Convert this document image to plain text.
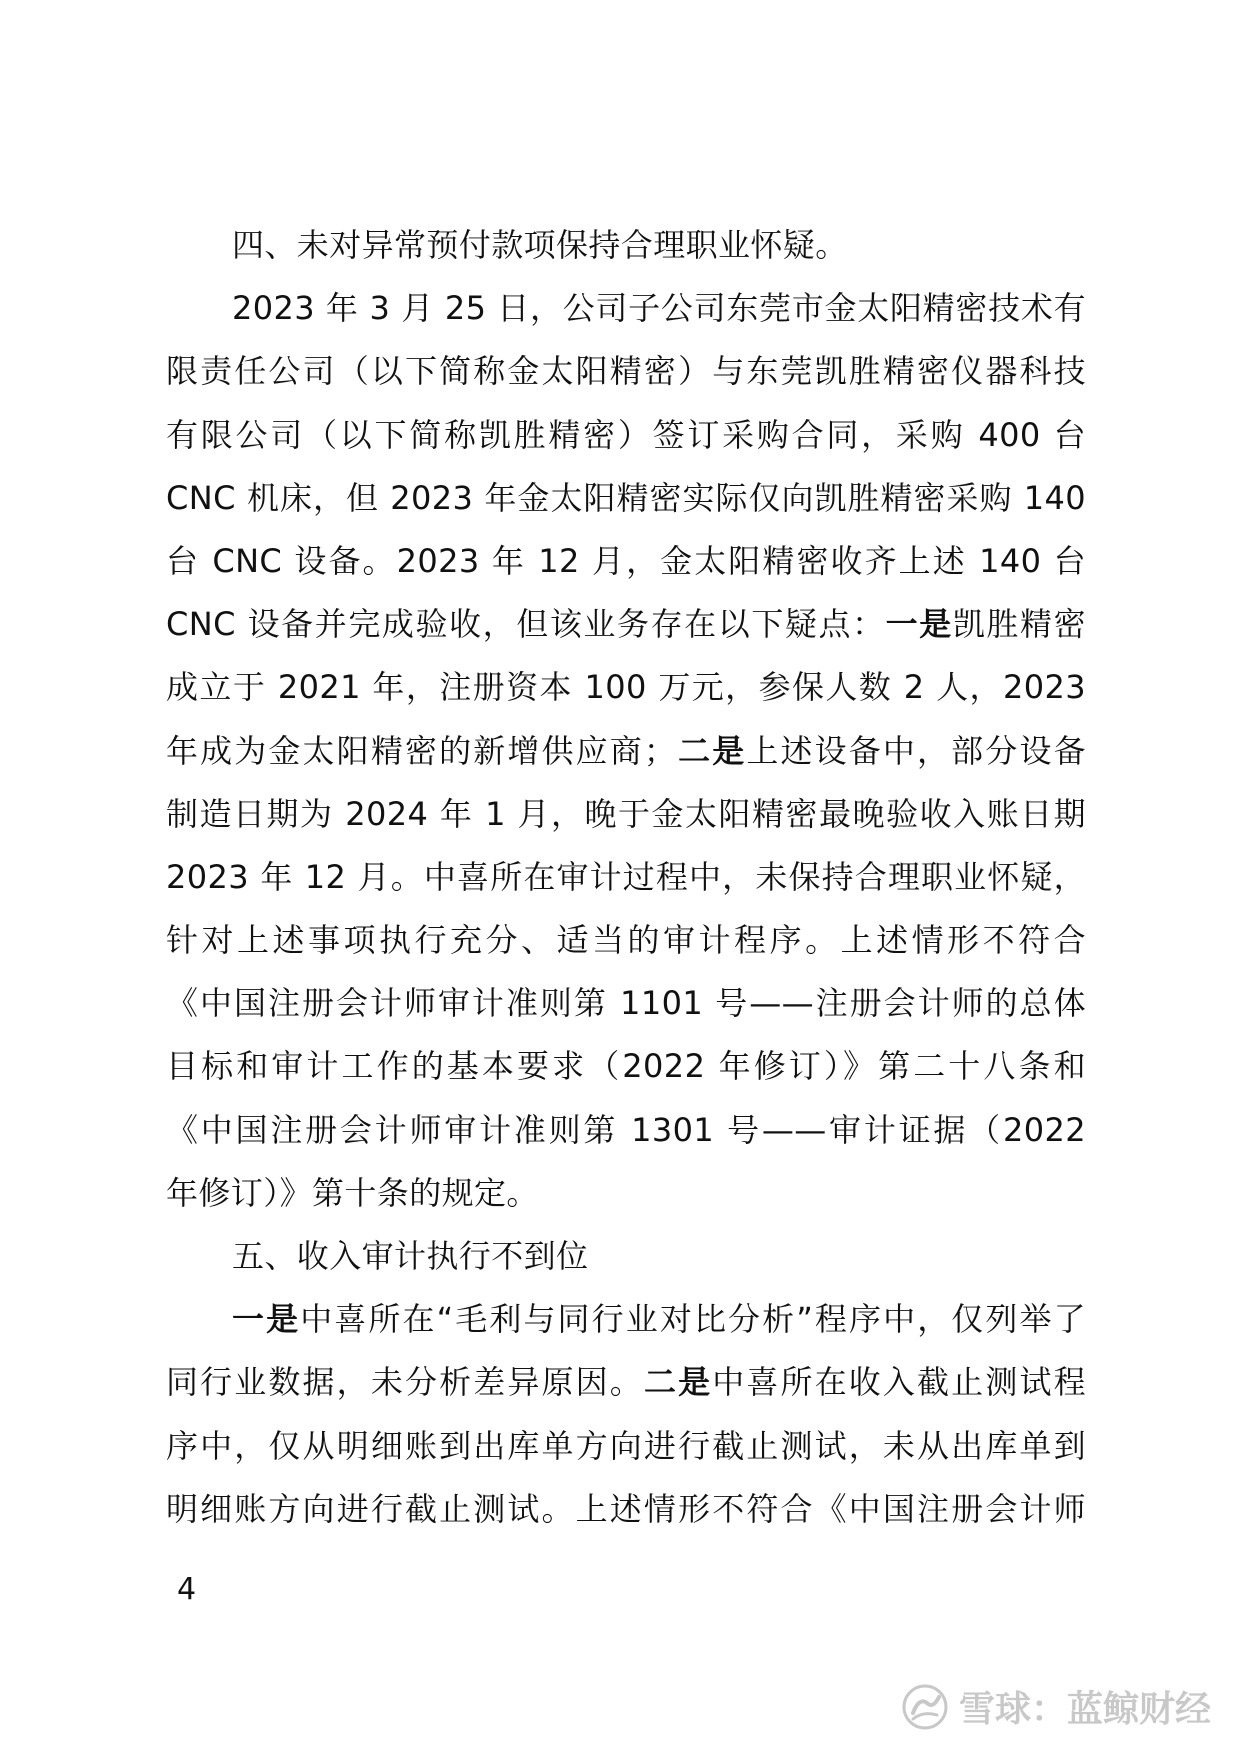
四、未对异常预付款项保持合理职业怀疑。
2023 年 3 月 25 日，公司子公司东莞市金太阳精密技术有
限责任公司（以下简称金太阳精密）与东莞凯胜精密仪器科技
有限公司（以下简称凯胜精密）签订采购合同，采购 400 台
CNC 机床，但 2023 年金太阳精密实际仅向凯胜精密采购 140
台 CNC 设备。2023 年 12 月，金太阳精密收齐上述 140 台
CNC 设备并完成验收，但该业务存在以下疑点：一是凯胜精密
成立于 2021 年，注册资本 100 万元，参保人数 2 人，2023
年成为金太阳精密的新增供应商；二是上述设备中，部分设备
制造日期为 2024 年 1 月，晚于金太阳精密最晚验收入账日期
2023 年 12 月。中喜所在审计过程中，未保持合理职业怀疑，
针对上述事项执行充分、适当的审计程序。上述情形不符合
《中国注册会计师审计准则第 1101 号——注册会计师的总体
目标和审计工作的基本要求（2022 年修订）》第二十八条和
《中国注册会计师审计准则第 1301 号——审计证据（2022
年修订）》第十条的规定。
五、收入审计执行不到位
一是中喜所在“毛利与同行业对比分析”程序中，仅列举了
同行业数据，未分析差异原因。二是中喜所在收入截止测试程
序中，仅从明细账到出库单方向进行截止测试，未从出库单到
明细账方向进行截止测试。上述情形不符合《中国注册会计师
4
雪球：蓝鲸财经
